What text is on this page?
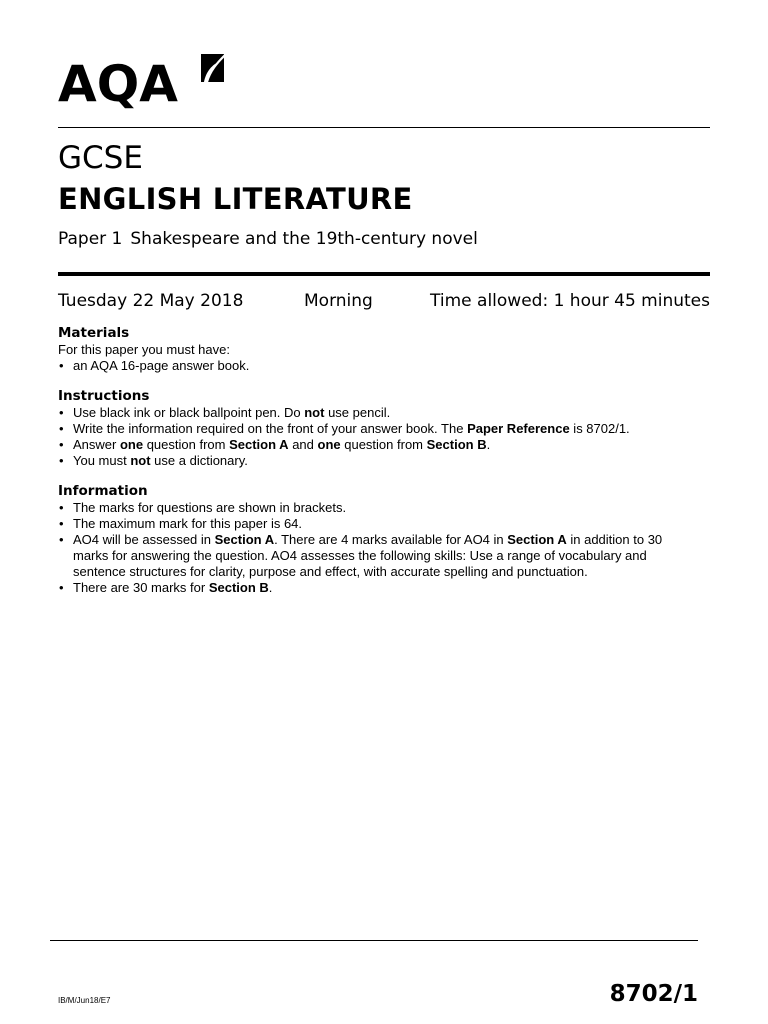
AQA
GCSE
ENGLISH LITERATURE
Paper 1 Shakespeare and the 19th-century novel
Tuesday 22 May 2018	Morning	Time allowed: 1 hour 45 minutes

Materials

For this paper you must have:

• an AQA 16-page answer book.

Instructions

• Use black ink or black ballpoint pen. Do not use pencil.
• Write the information required on the front of your answer book. The Paper Reference is 8702/1.
• Answer one question from Section A and one question from Section B.
• You must not use a dictionary.

Information

• The marks for questions are shown in brackets.
• The maximum mark for this paper is 64.
• AO4 will be assessed in Section A. There are 4 marks available for AO4 in Section A in addition to 30 marks for answering the question. AO4 assesses the following skills: Use a range of vocabulary and sentence structures for clarity, purpose and effect, with accurate spelling and punctuation.
• There are 30 marks for Section B.
IB/M/Jun18/E7	8702/1
